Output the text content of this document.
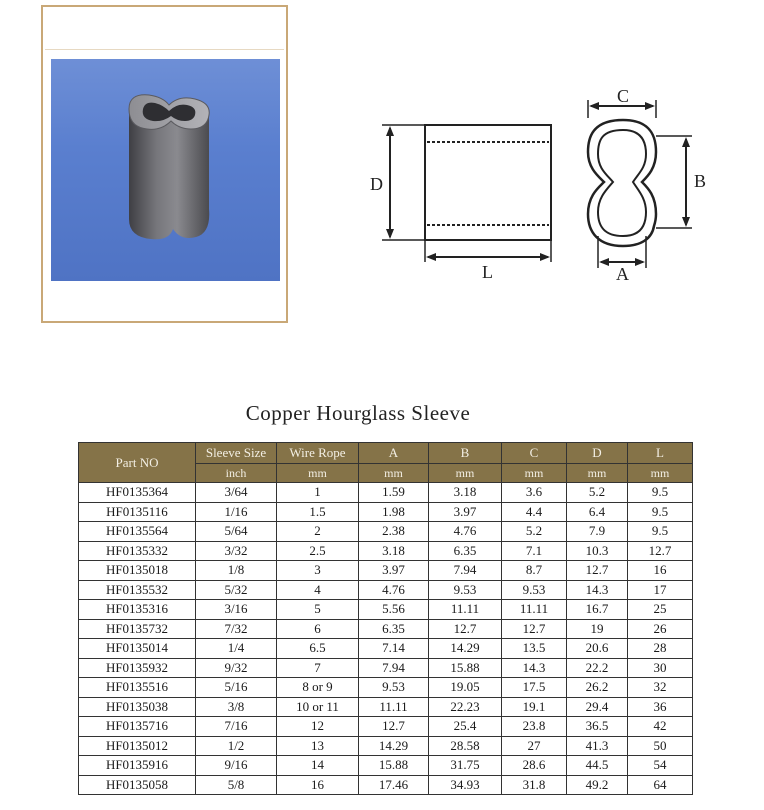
D
L
C
B
A
Copper Hourglass Sleeve
Part NO	Sleeve Size	Wire Rope	A	B	C	D	L
	inch	mm	mm	mm	mm	mm	mm
HF0135364	3/64	1	1.59	3.18	3.6	5.2	9.5
HF0135116	1/16	1.5	1.98	3.97	4.4	6.4	9.5
HF0135564	5/64	2	2.38	4.76	5.2	7.9	9.5
HF0135332	3/32	2.5	3.18	6.35	7.1	10.3	12.7
HF0135018	1/8	3	3.97	7.94	8.7	12.7	16
HF0135532	5/32	4	4.76	9.53	9.53	14.3	17
HF0135316	3/16	5	5.56	11.11	11.11	16.7	25
HF0135732	7/32	6	6.35	12.7	12.7	19	26
HF0135014	1/4	6.5	7.14	14.29	13.5	20.6	28
HF0135932	9/32	7	7.94	15.88	14.3	22.2	30
HF0135516	5/16	8 or 9	9.53	19.05	17.5	26.2	32
HF0135038	3/8	10 or 11	11.11	22.23	19.1	29.4	36
HF0135716	7/16	12	12.7	25.4	23.8	36.5	42
HF0135012	1/2	13	14.29	28.58	27	41.3	50
HF0135916	9/16	14	15.88	31.75	28.6	44.5	54
HF0135058	5/8	16	17.46	34.93	31.8	49.2	64
